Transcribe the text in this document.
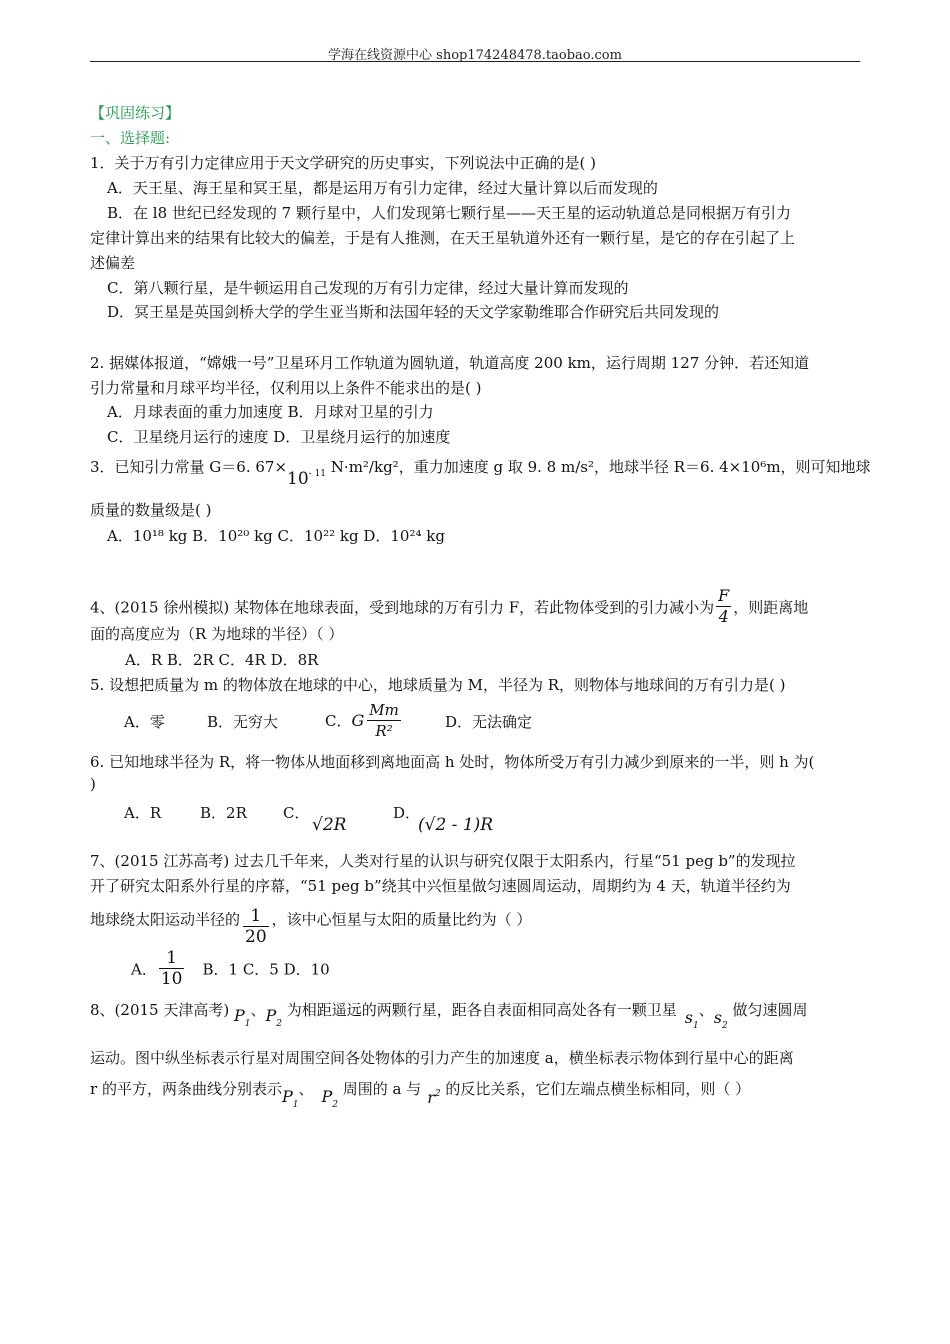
学海在线资源中心 shop174248478.taobao.com
【巩固练习】
一、选择题:
1．关于万有引力定律应用于天文学研究的历史事实，下列说法中正确的是( )
A．天王星、海王星和冥王星，都是运用万有引力定律，经过大量计算以后而发现的
B．在 l8 世纪已经发现的 7 颗行星中，人们发现第七颗行星——天王星的运动轨道总是同根据万有引力
定律计算出来的结果有比较大的偏差，于是有人推测，在天王星轨道外还有一颗行星，是它的存在引起了上
述偏差
C．第八颗行星，是牛顿运用自己发现的万有引力定律，经过大量计算而发现的
D．冥王星是英国剑桥大学的学生亚当斯和法国年轻的天文学家勒维耶合作研究后共同发现的
2. 据媒体报道，“嫦娥一号”卫星环月工作轨道为圆轨道，轨道高度 200 km，运行周期 127 分钟．若还知道
引力常量和月球平均半径，仅利用以上条件不能求出的是( )
A．月球表面的重力加速度 B．月球对卫星的引力
C．卫星绕月运行的速度 D．卫星绕月运行的加速度
3．已知引力常量 G＝6. $67\times 10^{- 11}$ N·m²/kg²，重力加速度 g 取 9. 8 m/s²，地球半径 R＝6. 4×10⁶m，则可知地球
质量的数量级是( )
A．10¹⁸ kg B．10²⁰ kg C．10²² kg D．10²⁴ kg
4、(2015 徐州模拟) 某物体在地球表面，受到地球的万有引力 F，若此物体受到的引力减小为 $\frac{F}{4}$ ，则距离地
面的高度应为（R 为地球的半径）（ ）
A．R B．2R C．4R D．8R
5. 设想把质量为 m 的物体放在地球的中心，地球质量为 M，半径为 R，则物体与地球间的万有引力是( )
A．零	B．无穷大	C．G $\frac{Mm}{\text{R²}}$	D．无法确定
6. 已知地球半径为 R，将一物体从地面移到离地面高 h 处时，物体所受万有引力减少到原来的一半，则 h 为(
)
A．R	B．2R C．
√2R
D．
(√2 - 1)R
7、(2015 江苏高考) 过去几千年来，人类对行星的认识与研究仅限于太阳系内，行星“51 peg b”的发现拉
开了研究太阳系外行星的序幕，“51 peg b”绕其中兴恒星做匀速圆周运动，周期约为 4 天，轨道半径约为
地球绕太阳运动半径的 $\frac{1}{20}$ ，该中心恒星与太阳的质量比约为（ ）
A． $\frac{1}{10}$ B．1 C．5 D．10
8、(2015 天津高考) $P_1$、$P_2$ 为相距遥远的两颗行星，距各自表面相同高处各有一颗卫星 $s_1$、$s_2$ 做匀速圆周
运动。图中纵坐标表示行星对周围空间各处物体的引力产生的加速度 a，横坐标表示物体到行星中心的距离
r 的平方，两条曲线分别表示$P_1$、 $P_2$ 周围的 a 与 $r^2$ 的反比关系，它们左端点横坐标相同，则（ ）
